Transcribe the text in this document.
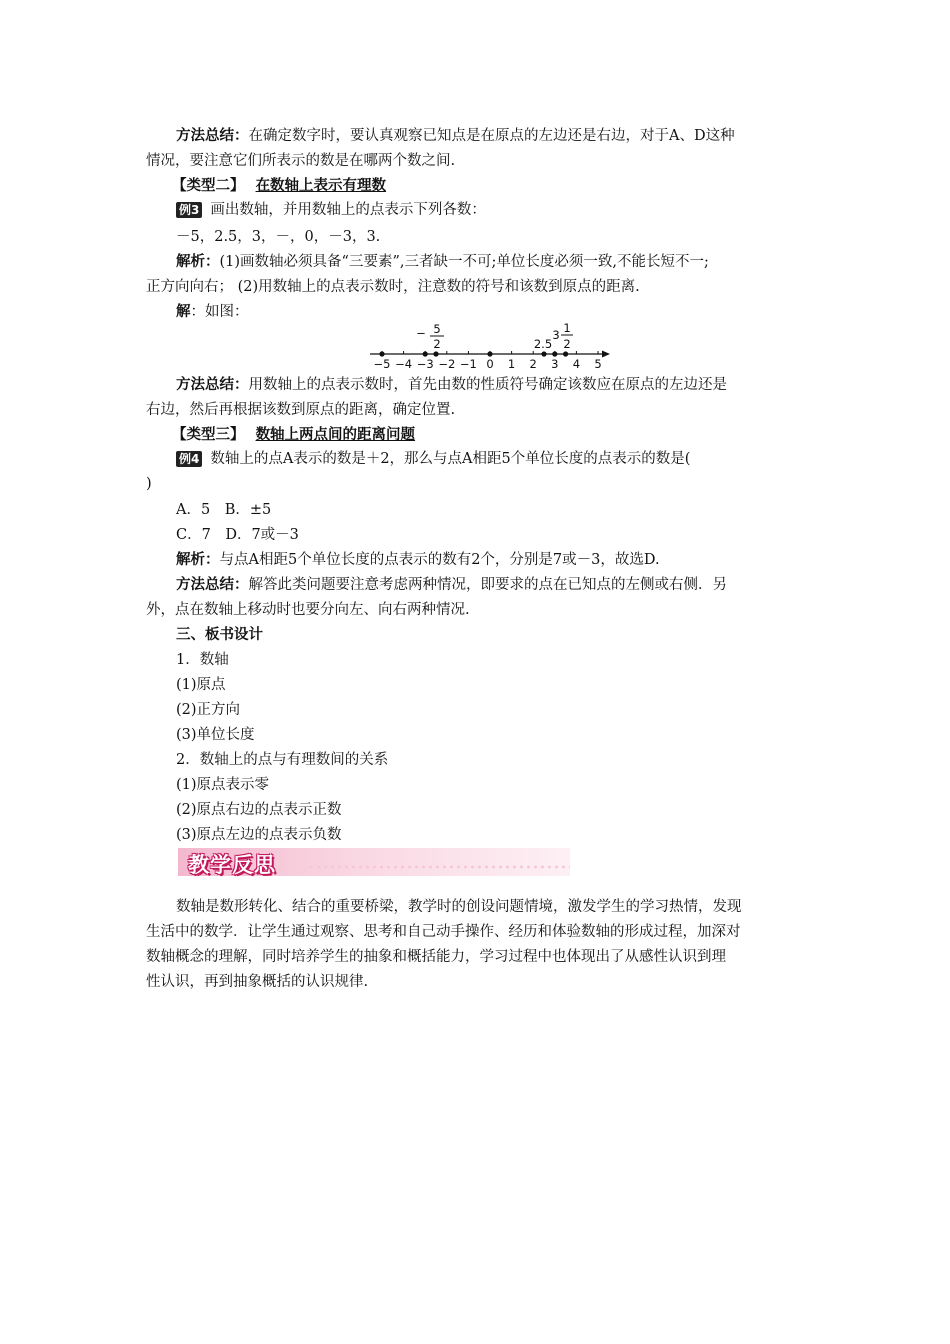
方法总结：在确定数字时，要认真观察已知点是在原点的左边还是右边，对于A、D这种
情况，要注意它们所表示的数是在哪两个数之间.
【类型二】 在数轴上表示有理数
例3 画出数轴，并用数轴上的点表示下列各数：
－5，2.5，3，－，0，－3，3.
解析：(1)画数轴必须具备“三要素”,三者缺一不可;单位长度必须一致,不能长短不一;
正方向向右； (2)用数轴上的点表示数时，注意数的符号和该数到原点的距离.
解：如图：
−5 −4 −3 −2 −1 0 1 2 3 4 5
− 5
2	2.5
3 1
2
方法总结：用数轴上的点表示数时，首先由数的性质符号确定该数应在原点的左边还是
右边，然后再根据该数到原点的距离，确定位置.
【类型三】 数轴上两点间的距离问题
例4 数轴上的点A表示的数是＋2，那么与点A相距5个单位长度的点表示的数是(
)
A．5　B．±5
C．7　D．7或－3
解析：与点A相距5个单位长度的点表示的数有2个，分别是7或－3，故选D.
方法总结：解答此类问题要注意考虑两种情况，即要求的点在已知点的左侧或右侧．另
外，点在数轴上移动时也要分向左、向右两种情况.
三、板书设计
1．数轴
(1)原点
(2)正方向
(3)单位长度
2．数轴上的点与有理数间的关系
(1)原点表示零
(2)原点右边的点表示正数
(3)原点左边的点表示负数
教学反思
数轴是数形转化、结合的重要桥梁，教学时的创设问题情境，激发学生的学习热情，发现
生活中的数学．让学生通过观察、思考和自己动手操作、经历和体验数轴的形成过程，加深对
数轴概念的理解，同时培养学生的抽象和概括能力，学习过程中也体现出了从感性认识到理
性认识，再到抽象概括的认识规律.
